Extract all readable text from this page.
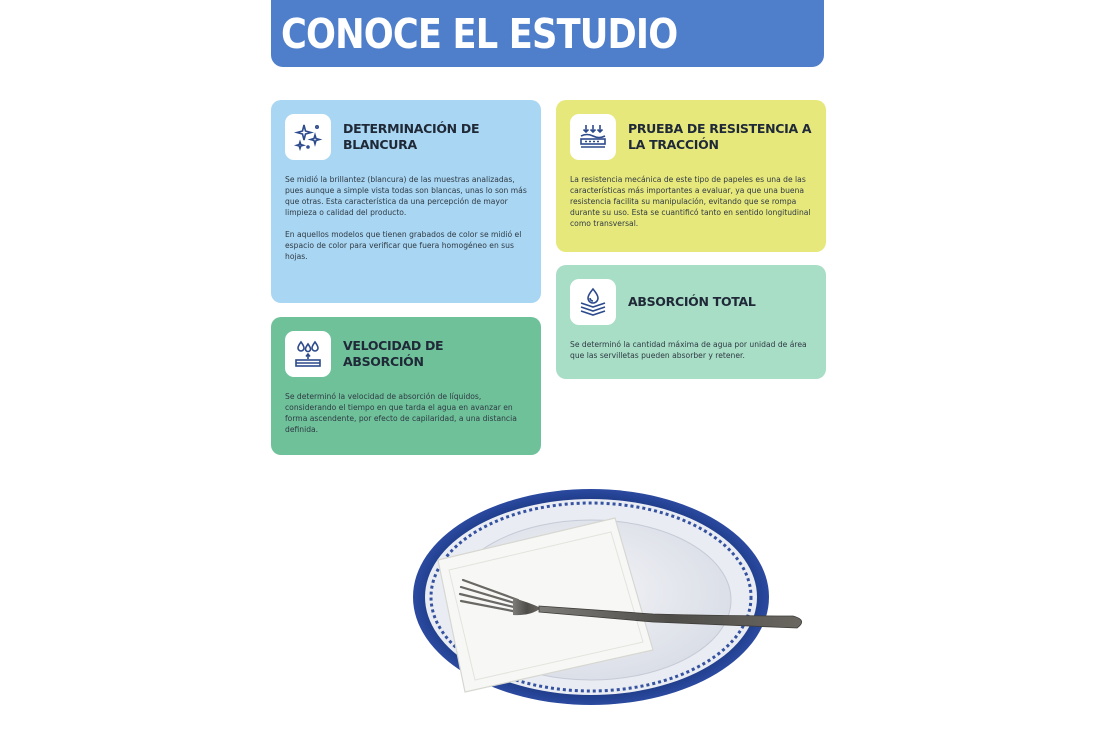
CONOCE EL ESTUDIO
DETERMINACIÓN DE BLANCURA

Se midió la brillantez (blancura) de las muestras analizadas, pues aunque a simple vista todas son blancas, unas lo son más que otras. Esta característica da una percepción de mayor limpieza o calidad del producto.

En aquellos modelos que tienen grabados de color se midió el espacio de color para verificar que fuera homogéneo en sus hojas.

PRUEBA DE RESISTENCIA A LA TRACCIÓN

La resistencia mecánica de este tipo de papeles es una de las características más importantes a evaluar, ya que una buena resistencia facilita su manipulación, evitando que se rompa durante su uso. Esta se cuantificó tanto en sentido longitudinal como transversal.

VELOCIDAD DE ABSORCIÓN

Se determinó la velocidad de absorción de líquidos, considerando el tiempo en que tarda el agua en avanzar en forma ascendente, por efecto de capilaridad, a una distancia definida.

ABSORCIÓN TOTAL

Se determinó la cantidad máxima de agua por unidad de área que las servilletas pueden absorber y retener.
